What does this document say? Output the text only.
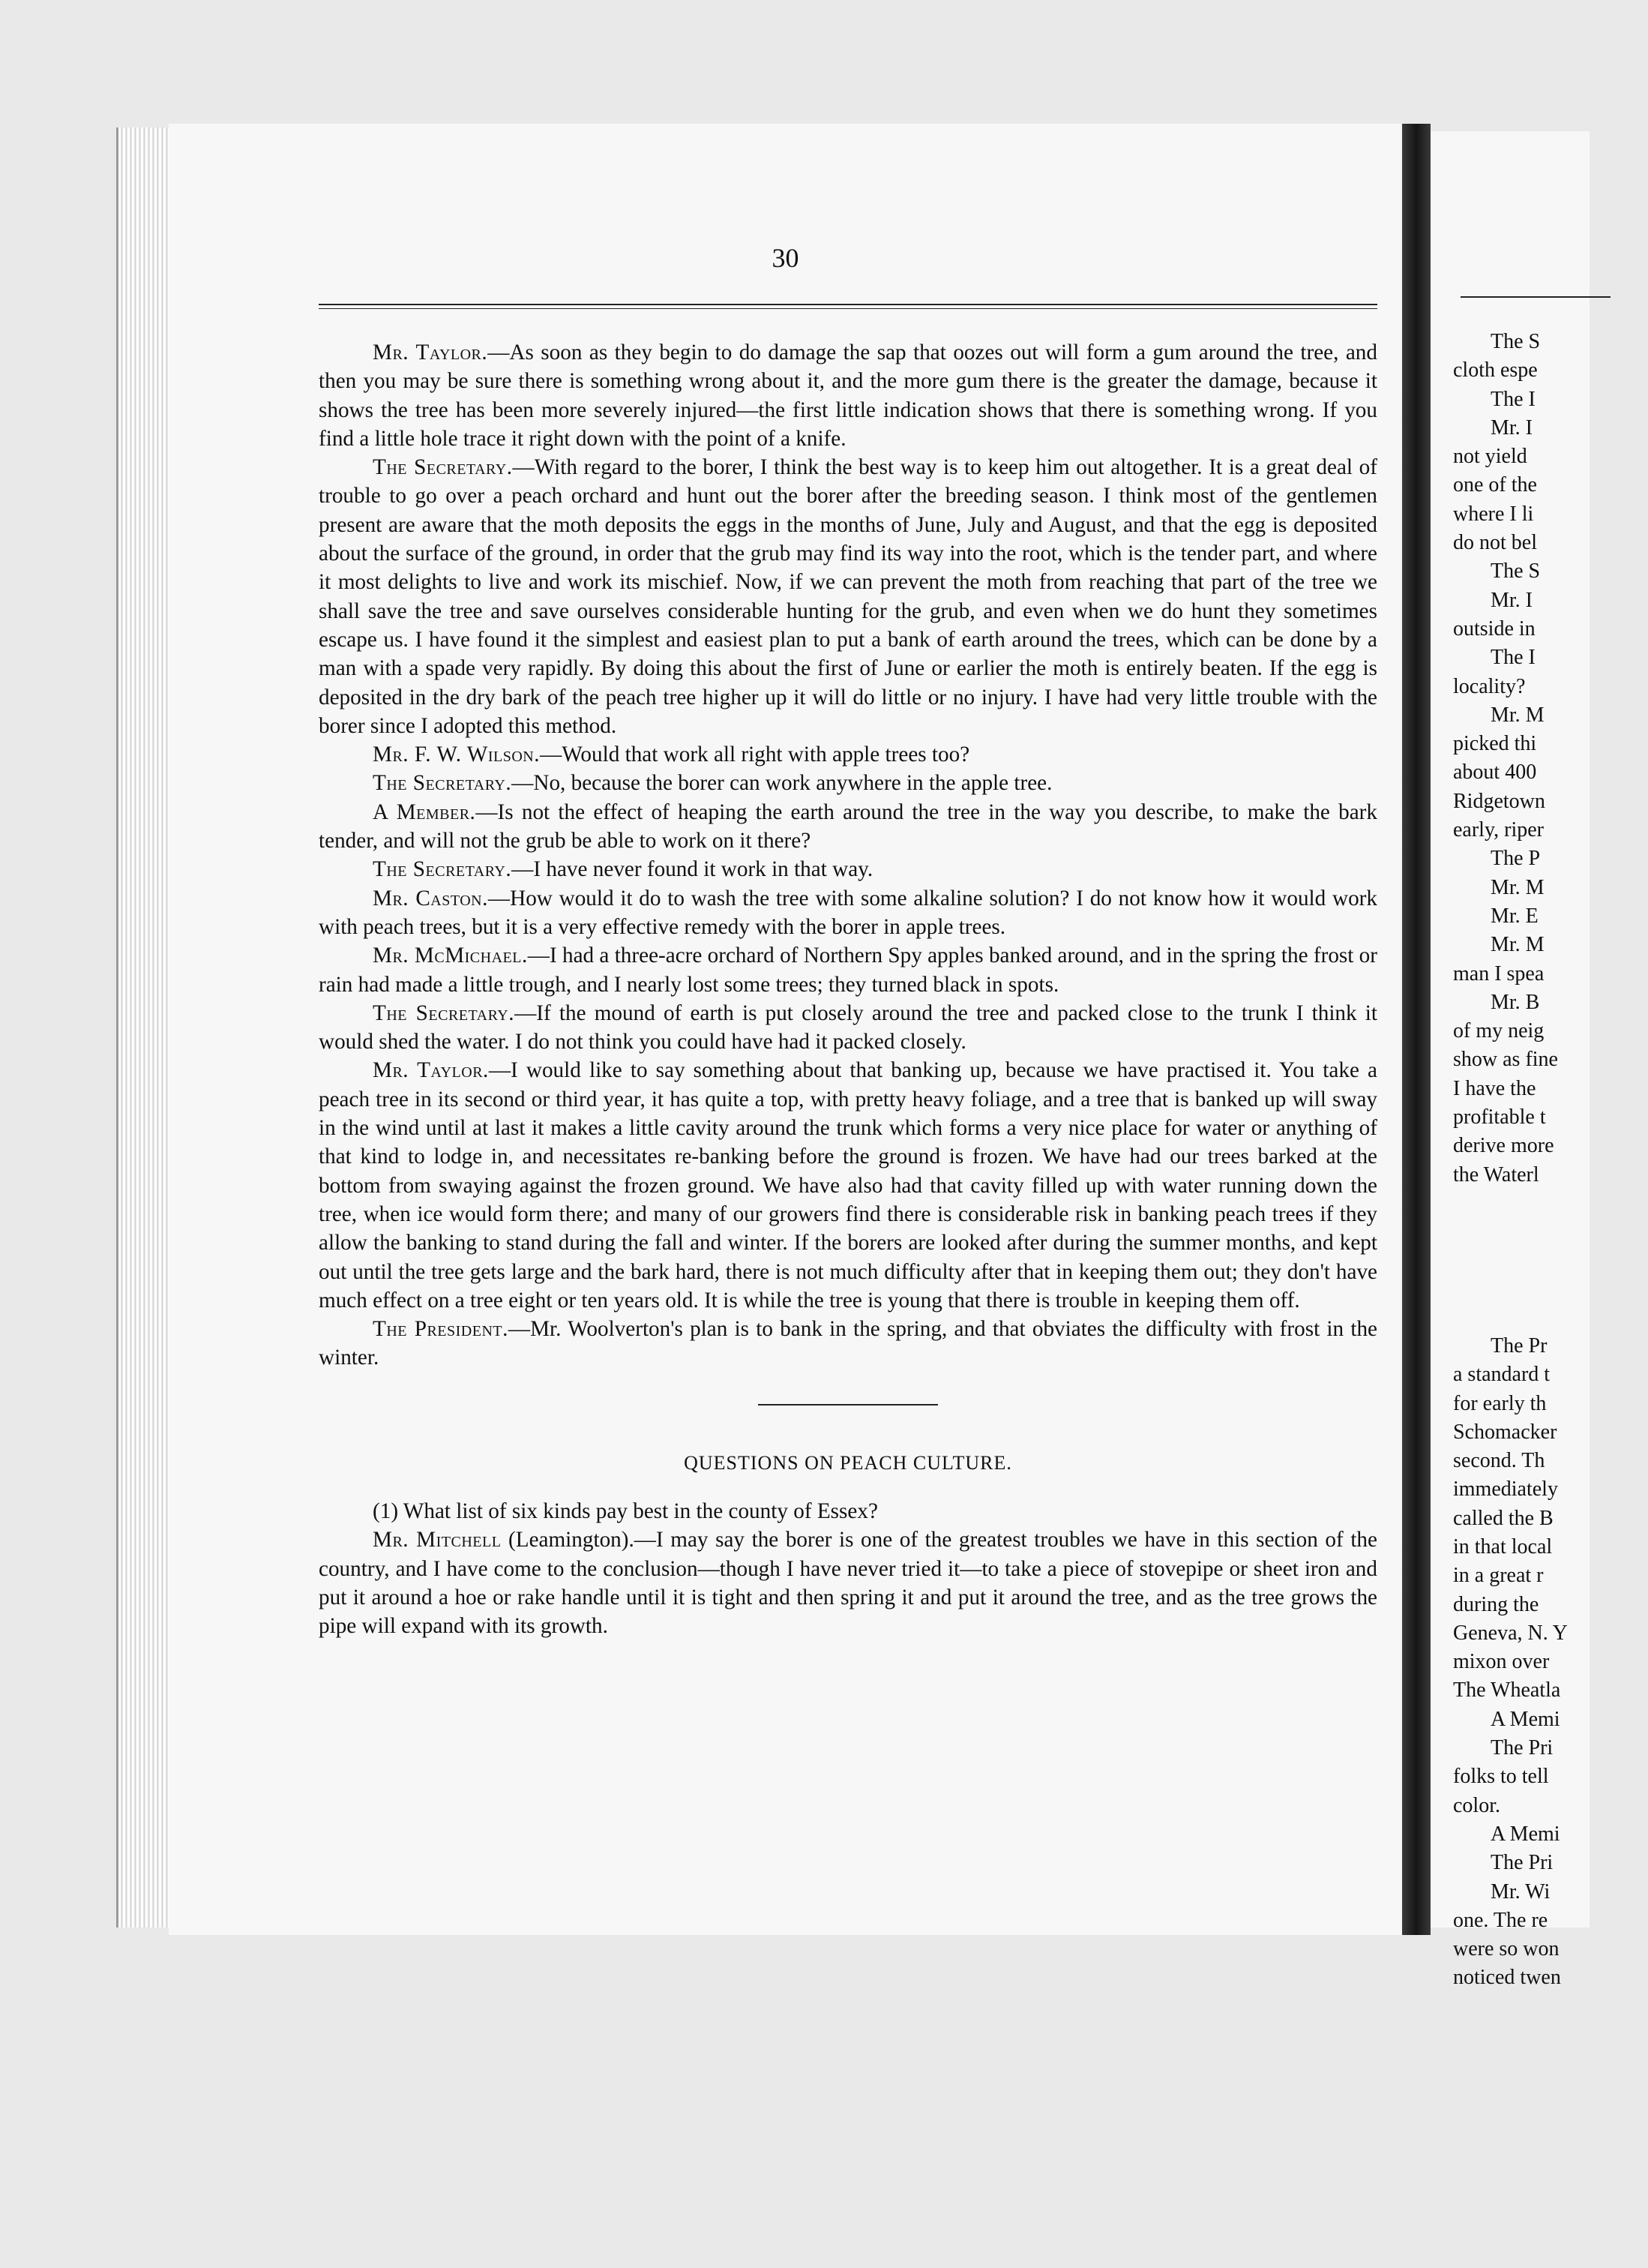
30

Mr. Taylor.—As soon as they begin to do damage the sap that oozes out will form a gum around the tree, and then you may be sure there is something wrong about it, and the more gum there is the greater the damage, because it shows the tree has been more severely injured—the first little indication shows that there is something wrong. If you find a little hole trace it right down with the point of a knife.

The Secretary.—With regard to the borer, I think the best way is to keep him out altogether. It is a great deal of trouble to go over a peach orchard and hunt out the borer after the breeding season. I think most of the gentlemen present are aware that the moth deposits the eggs in the months of June, July and August, and that the egg is deposited about the surface of the ground, in order that the grub may find its way into the root, which is the tender part, and where it most delights to live and work its mischief. Now, if we can prevent the moth from reaching that part of the tree we shall save the tree and save ourselves considerable hunting for the grub, and even when we do hunt they sometimes escape us. I have found it the simplest and easiest plan to put a bank of earth around the trees, which can be done by a man with a spade very rapidly. By doing this about the first of June or earlier the moth is entirely beaten. If the egg is deposited in the dry bark of the peach tree higher up it will do little or no injury. I have had very little trouble with the borer since I adopted this method.

Mr. F. W. Wilson.—Would that work all right with apple trees too?

The Secretary.—No, because the borer can work anywhere in the apple tree.

A Member.—Is not the effect of heaping the earth around the tree in the way you describe, to make the bark tender, and will not the grub be able to work on it there?

The Secretary.—I have never found it work in that way.

Mr. Caston.—How would it do to wash the tree with some alkaline solution? I do not know how it would work with peach trees, but it is a very effective remedy with the borer in apple trees.

Mr. McMichael.—I had a three-acre orchard of Northern Spy apples banked around, and in the spring the frost or rain had made a little trough, and I nearly lost some trees; they turned black in spots.

The Secretary.—If the mound of earth is put closely around the tree and packed close to the trunk I think it would shed the water. I do not think you could have had it packed closely.

Mr. Taylor.—I would like to say something about that banking up, because we have practised it. You take a peach tree in its second or third year, it has quite a top, with pretty heavy foliage, and a tree that is banked up will sway in the wind until at last it makes a little cavity around the trunk which forms a very nice place for water or anything of that kind to lodge in, and necessitates re-banking before the ground is frozen. We have had our trees barked at the bottom from swaying against the frozen ground. We have also had that cavity filled up with water running down the tree, when ice would form there; and many of our growers find there is considerable risk in banking peach trees if they allow the banking to stand during the fall and winter. If the borers are looked after during the summer months, and kept out until the tree gets large and the bark hard, there is not much difficulty after that in keeping them out; they don't have much effect on a tree eight or ten years old. It is while the tree is young that there is trouble in keeping them off.

The President.—Mr. Woolverton's plan is to bank in the spring, and that obviates the difficulty with frost in the winter.

QUESTIONS ON PEACH CULTURE.

(1) What list of six kinds pay best in the county of Essex?

Mr. Mitchell (Leamington).—I may say the borer is one of the greatest troubles we have in this section of the country, and I have come to the conclusion—though I have never tried it—to take a piece of stovepipe or sheet iron and put it around a hoe or rake handle until it is tight and then spring it and put it around the tree, and as the tree grows the pipe will expand with its growth.

The S
cloth espe
The I
Mr. I
not yield
one of the
where I li
do not bel
The S
Mr. I
outside in
The I
locality?
Mr. M
picked thi
about 400
Ridgetown
early, riper
The P
Mr. M
Mr. E
Mr. M
man I spea
Mr. B
of my neig
show as fine
I have the
profitable t
derive more
the Waterl
The Pr
a standard t
for early th
Schomacker
second. Th
immediately
called the B
in that local
in a great r
during the
Geneva, N. Y
mixon over
The Wheatla
A Memi
The Pri
folks to tell
color.
A Memi
The Pri
Mr. Wi
one. The re
were so won
noticed twen
